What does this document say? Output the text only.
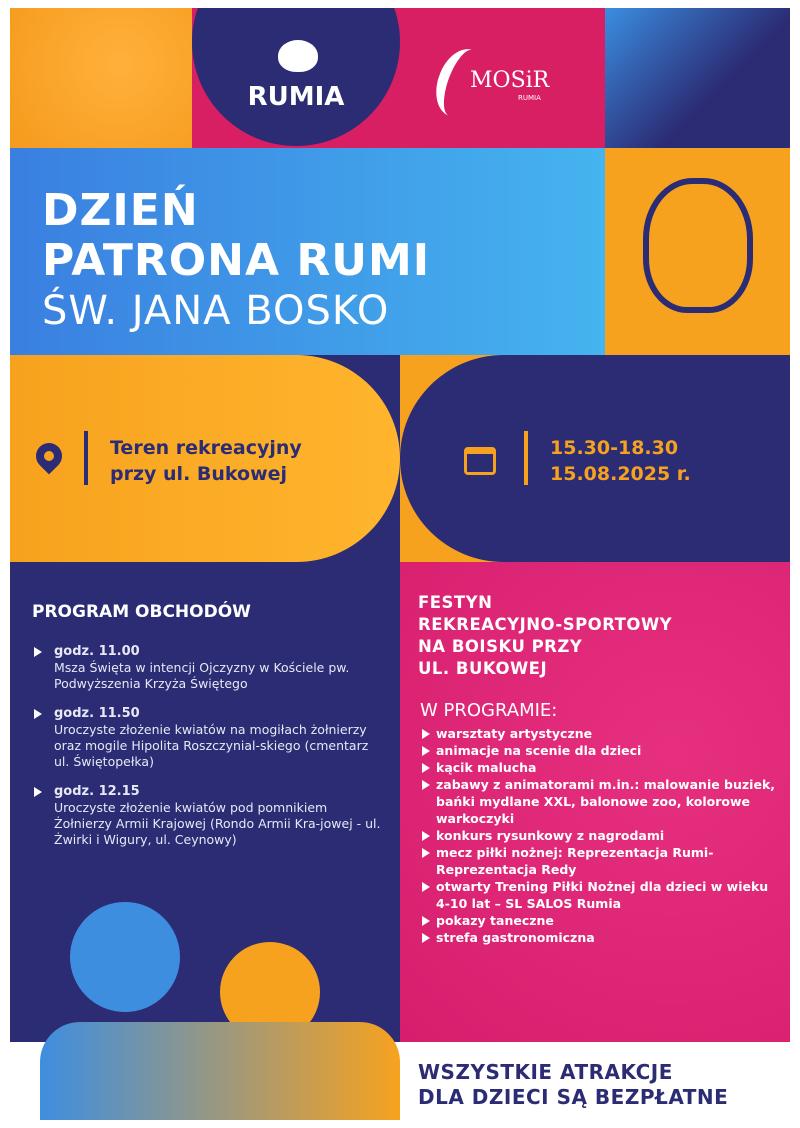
RUMIA
MOSiR
RUMIA
DZIEŃ
PATRONA RUMI
ŚW. JANA BOSKO
Teren rekreacyjny
przy ul. Bukowej
15.30-18.30
15.08.2025 r.
PROGRAM OBCHODÓW
godz. 11.00
Msza Święta w intencji Ojczyzny w Kościele pw. Podwyższenia Krzyża Świętego
godz. 11.50
Uroczyste złożenie kwiatów na mogiłach żołnierzy oraz mogile Hipolita Roszczynial-skiego (cmentarz ul. Świętopełka)
godz. 12.15
Uroczyste złożenie kwiatów pod pomnikiem Żołnierzy Armii Krajowej (Rondo Armii Kra-jowej - ul. Żwirki i Wigury, ul. Ceynowy)
FESTYN
REKREACYJNO-SPORTOWY
NA BOISKU PRZY
UL. BUKOWEJ
W PROGRAMIE:
warsztaty artystyczne
animacje na scenie dla dzieci
kącik malucha
zabawy z animatorami m.in.: malowanie buziek, bańki mydlane XXL, balonowe zoo, kolorowe warkoczyki
konkurs rysunkowy z nagrodami
mecz piłki nożnej: Reprezentacja Rumi-Reprezentacja Redy
otwarty Trening Piłki Nożnej dla dzieci w wieku 4-10 lat – SL SALOS Rumia
pokazy taneczne
strefa gastronomiczna
WSZYSTKIE ATRAKCJE
DLA DZIECI SĄ BEZPŁATNE
